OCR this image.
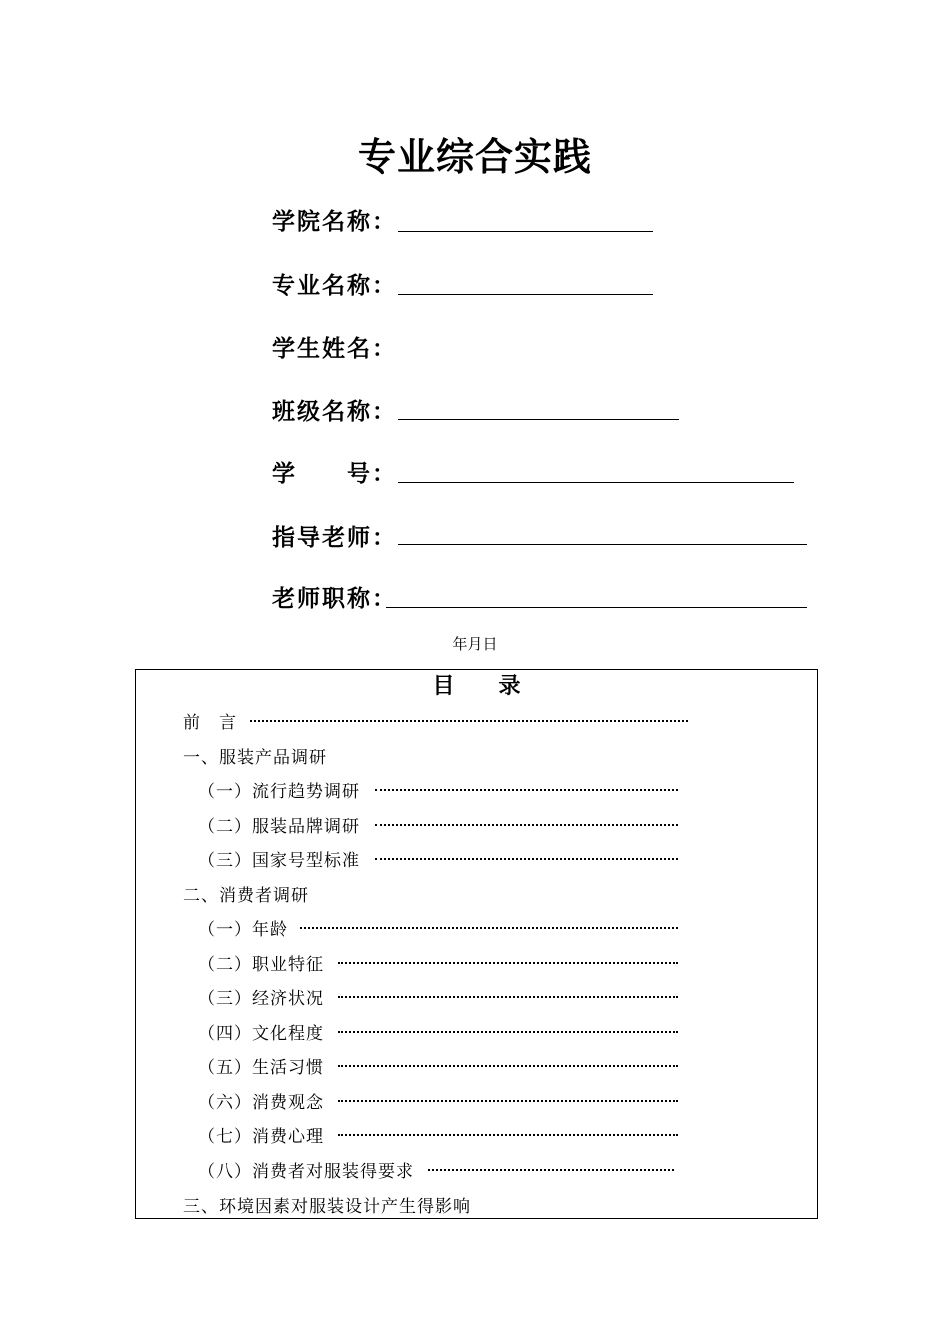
专业综合实践
学院名称：
专业名称：
学生姓名：
班级名称：
学　　号：
指导老师：
老师职称：
年月日
目录
前　言
一、服装产品调研
（一）流行趋势调研
（二）服装品牌调研
（三）国家号型标准
二、消费者调研
（一）年龄
（二）职业特征
（三）经济状况
（四）文化程度
（五）生活习惯
（六）消费观念
（七）消费心理
（八）消费者对服装得要求
三、环境因素对服装设计产生得影响
